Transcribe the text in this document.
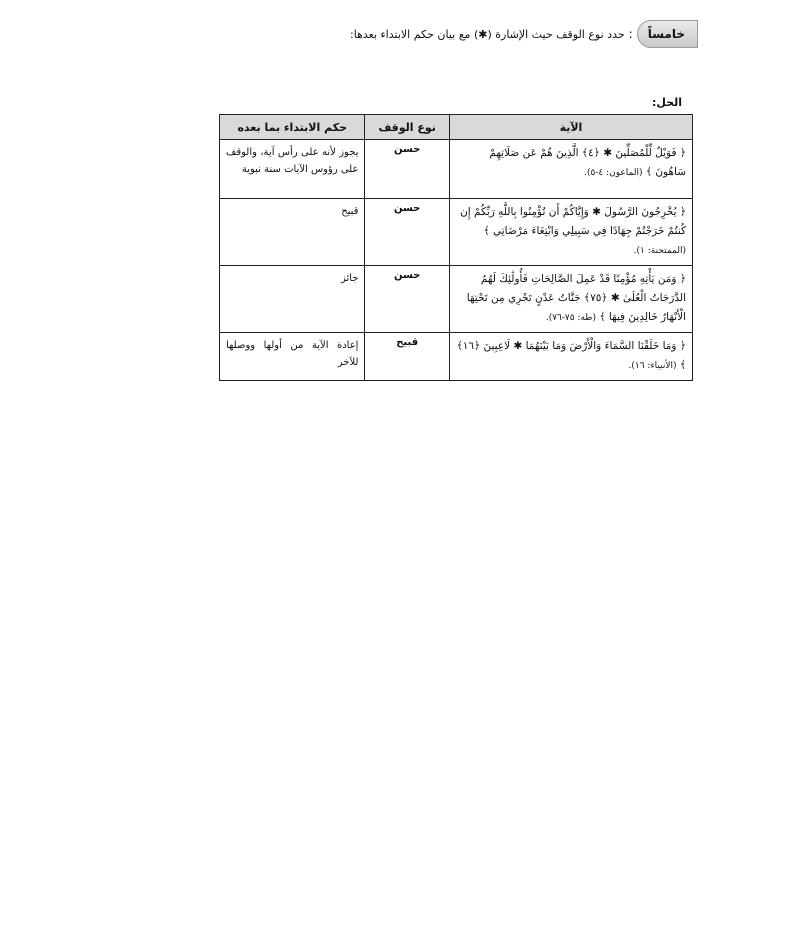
خامساً
:
حدد نوع الوقف حيث الإشارة (✱) مع بيان حكم الابتداء بعدها:
الحل:
الآية	نوع الوقف	حكم الابتداء بما بعده
﴿ فَوَيْلٌ لِّلْمُصَلِّينَ ✱ ﴿٤﴾ الَّذِينَ هُمْ عَن صَلَاتِهِمْ سَاهُونَ ﴾ (الماعون: ٤-٥).	حسن	يجوز لأنه على رأس آية، والوقف على رؤوس الآيات سنة نبوية
﴿ يُخْرِجُونَ الرَّسُولَ ✱ وَإِيَّاكُمْ أَن تُؤْمِنُوا بِاللَّهِ رَبِّكُمْ إِن كُنتُمْ خَرَجْتُمْ جِهَادًا فِي سَبِيلِي وَابْتِغَاءَ مَرْضَاتِي ﴾ (الممتحنة: ١).	حسن	قبيح
﴿ وَمَن يَأْتِهِ مُؤْمِنًا قَدْ عَمِلَ الصَّالِحَاتِ فَأُولَٰئِكَ لَهُمُ الدَّرَجَاتُ الْعُلَىٰ ✱ ﴿٧٥﴾ جَنَّاتُ عَدْنٍ تَجْرِي مِن تَحْتِهَا الْأَنْهَارُ خَالِدِينَ فِيهَا ﴾ (طه: ٧٥-٧٦).	حسن	جائز
﴿ وَمَا خَلَقْنَا السَّمَاءَ وَالْأَرْضَ وَمَا بَيْنَهُمَا ✱ لَاعِبِينَ ﴿١٦﴾ ﴾ (الأنبياء: ١٦).	قبيح	إعادة الآية من أولها ووصلها للآخر
